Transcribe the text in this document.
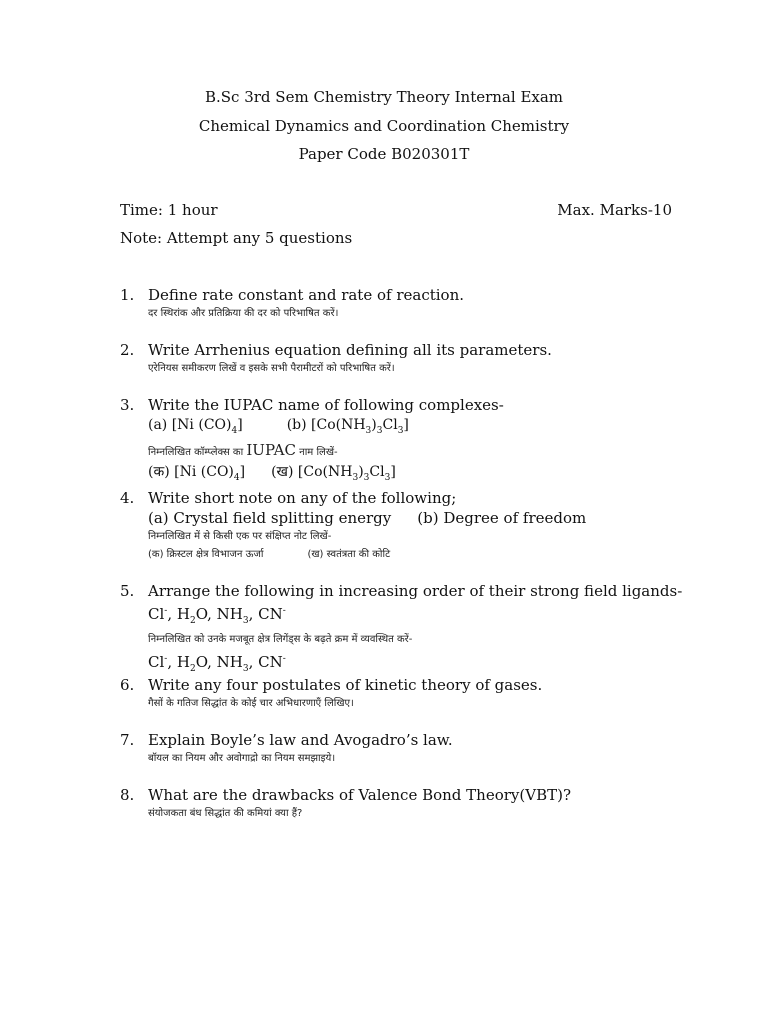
B.Sc 3rd Sem Chemistry Theory Internal Exam
Chemical Dynamics and Coordination Chemistry
Paper Code B020301T
Time: 1 hour	Max. Marks-10
Note: Attempt any 5 questions
1. Define rate constant and rate of reaction.
दर स्थिरांक और प्रतिक्रिया की दर को परिभाषित करें।
2. Write Arrhenius equation defining all its parameters.
एरेनियस समीकरण लिखें व इसके सभी पैरामीटरों को परिभाषित करें।
3. Write the IUPAC name of following complexes-
(a) [Ni $(CO)_4$]	(b) $[Co(NH_3)_3Cl_3]$
निम्नलिखित कॉम्प्लेक्स का IUPAC नाम लिखें-
(क) [Ni $(CO)_4$] (ख) $[Co(NH_3)_3Cl_3]$
4. Write short note on any of the following;
(a) Crystal field splitting energy (b) Degree of freedom
निम्नलिखित में से किसी एक पर संक्षिप्त नोट लिखें-
(क) क्रिस्टल क्षेत्र विभाजन ऊर्जा	(ख) स्वतंत्रता की कोटि
5. Arrange the following in increasing order of their strong field ligands-
Cl-, $H_2O$, $NH_3$, CN-
निम्नलिखित को उनके मजबूत क्षेत्र लिगेंड्स के बढ़ते क्रम में व्यवस्थित करें-
Cl-, $H_2O$, $NH_3$, CN-
6. Write any four postulates of kinetic theory of gases.
गैसों के गतिज सिद्धांत के कोई चार अभिधारणाएँ लिखिए।
7. Explain Boyle’s law and Avogadro’s law.
बॉयल का नियम और अवोगाद्रो का नियम समझाइये।
8. What are the drawbacks of Valence Bond Theory(VBT)?
संयोजकता बंध सिद्धांत की कमियां क्या हैं?
